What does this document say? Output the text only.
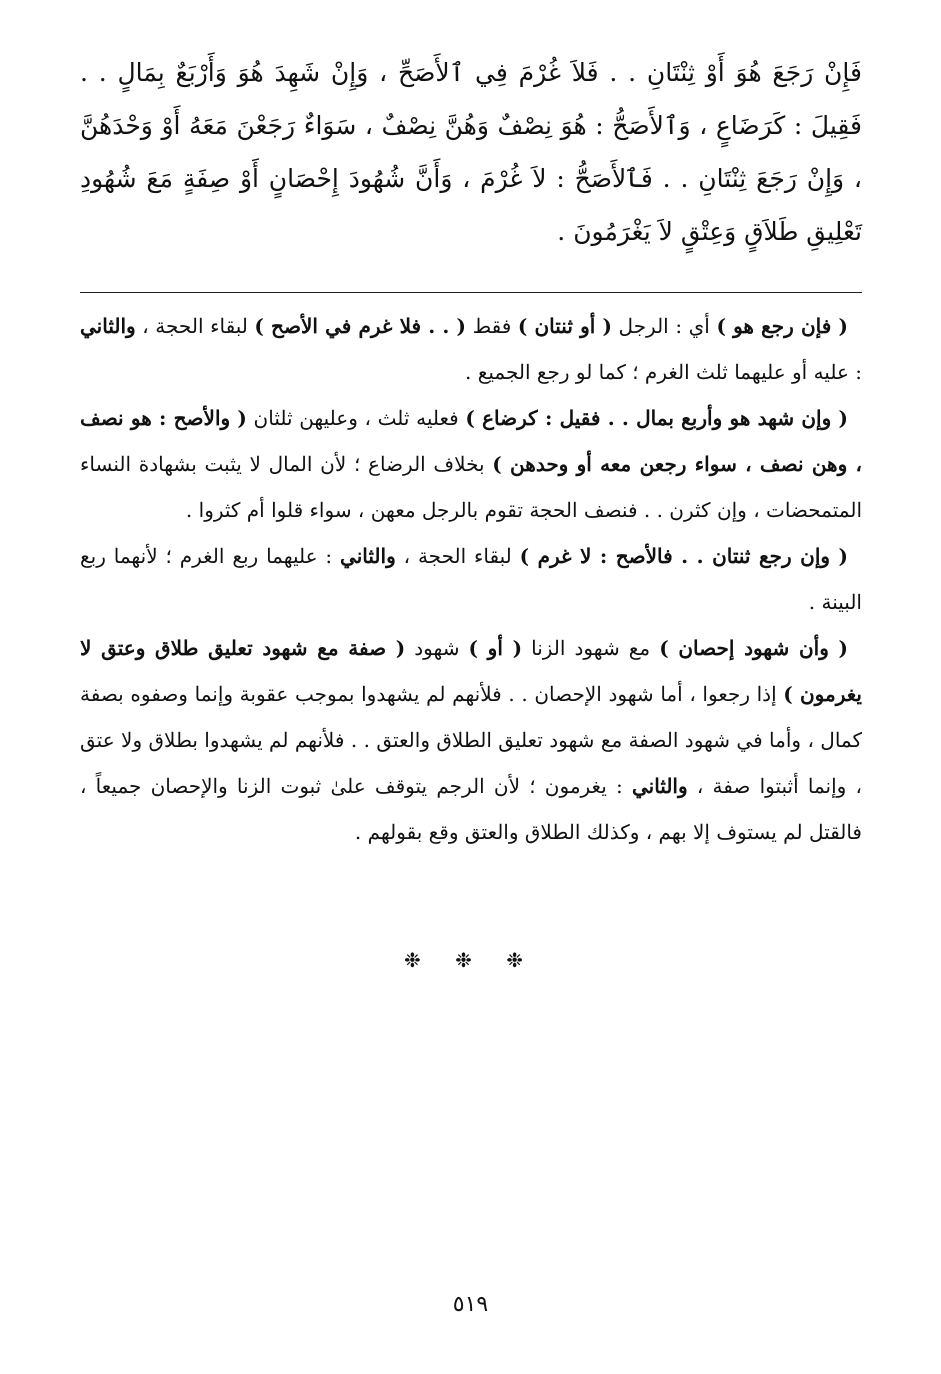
فَإِنْ رَجَعَ هُوَ أَوْ ثِنْتَانِ . . فَلاَ غُرْمَ فِي ٱلأَصَحِّ ، وَإِنْ شَهِدَ هُوَ وَأَرْبَعٌ بِمَالٍ . . فَقِيلَ : كَرَضَاعٍ ، وَٱلأَصَحُّ : هُوَ نِصْفٌ وَهُنَّ نِصْفٌ ، سَوَاءٌ رَجَعْنَ مَعَهُ أَوْ وَحْدَهُنَّ ، وَإِنْ رَجَعَ ثِنْتَانِ . . فَٱلأَصَحُّ : لاَ غُرْمَ ، وَأَنَّ شُهُودَ إِحْصَانٍ أَوْ صِفَةٍ مَعَ شُهُودِ تَعْلِيقِ طَلاَقٍ وَعِتْقٍ لاَ يَغْرَمُونَ .

( فإن رجع هو ) أي : الرجل ( أو ثنتان ) فقط ( . . فلا غرم في الأصح ) لبقاء الحجة ، والثاني : عليه أو عليهما ثلث الغرم ؛ كما لو رجع الجميع .

( وإن شهد هو وأربع بمال . . فقيل : كرضاع ) فعليه ثلث ، وعليهن ثلثان ( والأصح : هو نصف ، وهن نصف ، سواء رجعن معه أو وحدهن ) بخلاف الرضاع ؛ لأن المال لا يثبت بشهادة النساء المتمحضات ، وإن كثرن . . فنصف الحجة تقوم بالرجل معهن ، سواء قلوا أم كثروا .

( وإن رجع ثنتان . . فالأصح : لا غرم ) لبقاء الحجة ، والثاني : عليهما ربع الغرم ؛ لأنهما ربع البينة .

( وأن شهود إحصان ) مع شهود الزنا ( أو ) شهود ( صفة مع شهود تعليق طلاق وعتق لا يغرمون ) إذا رجعوا ، أما شهود الإحصان . . فلأنهم لم يشهدوا بموجب عقوبة وإنما وصفوه بصفة كمال ، وأما في شهود الصفة مع شهود تعليق الطلاق والعتق . . فلأنهم لم يشهدوا بطلاق ولا عتق ، وإنما أثبتوا صفة ، والثاني : يغرمون ؛ لأن الرجم يتوقف علىٰ ثبوت الزنا والإحصان جميعاً ، فالقتل لم يستوف إلا بهم ، وكذلك الطلاق والعتق وقع بقولهم .

❉ ❉ ❉
٥١٩
